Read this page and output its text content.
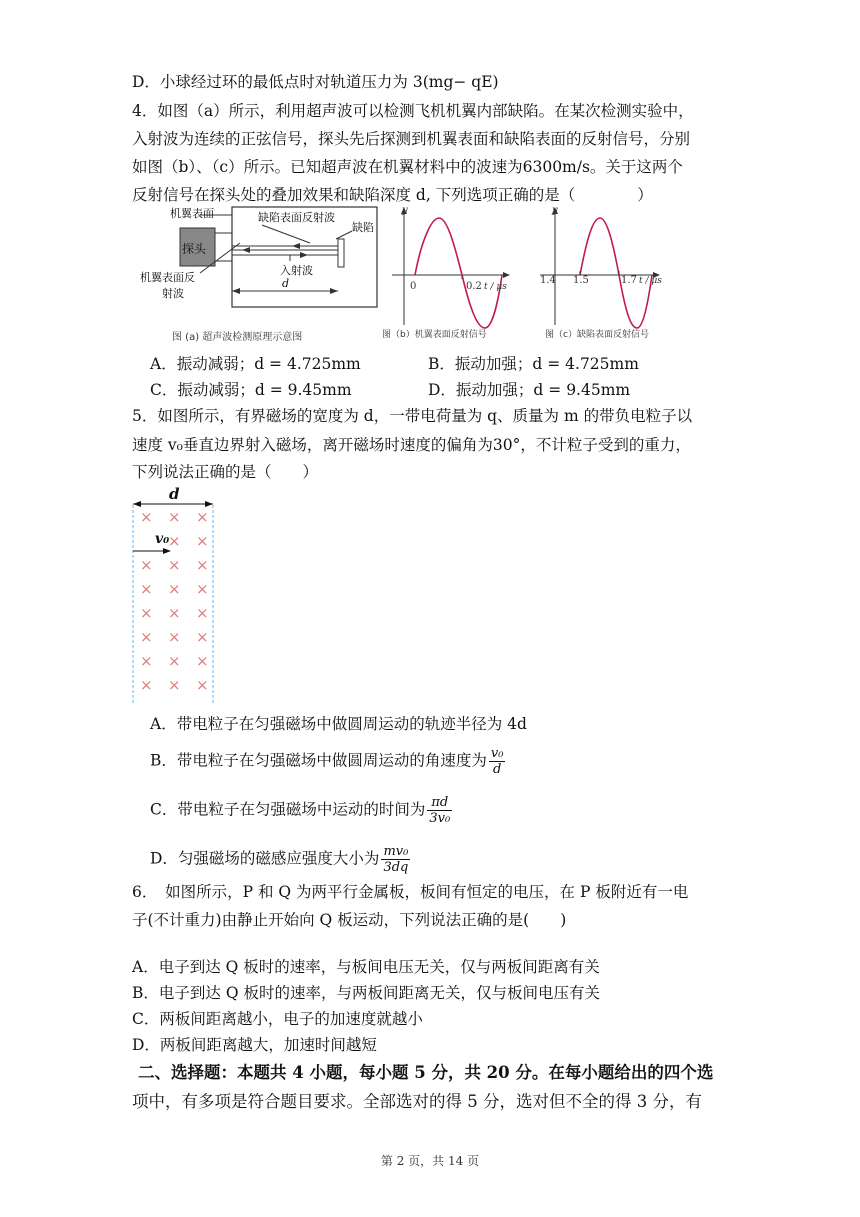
D．小球经过环的最低点时对轨道压力为 3(mg− qE)
4．如图（a）所示，利用超声波可以检测飞机机翼内部缺陷。在某次检测实验中，
入射波为连续的正弦信号，探头先后探测到机翼表面和缺陷表面的反射信号，分别
如图（b）、（c）所示。已知超声波在机翼材料中的波速为6300m/s。关于这两个
反射信号在探头处的叠加效果和缺陷深度 d, 下列选项正确的是（　　　　）
探头
机翼表面	缺陷表面反射波
缺陷
入射波
机翼表面反
射波
d
图 (a) 超声波检测原理示意图
y
0	0.2 t / μs
图（b）机翼表面反射信号
y
1.4 1.5	1.7 t / μs
图（c）缺陷表面反射信号
A．振动减弱；d = 4.725mm	B．振动加强；d = 4.725mm
C．振动减弱；d = 9.45mm	D．振动加强；d = 9.45mm
5．如图所示，有界磁场的宽度为 d，一带电荷量为 q、质量为 m 的带负电粒子以
速度 v₀垂直边界射入磁场，离开磁场时速度的偏角为30°，不计粒子受到的重力，
下列说法正确的是（　　）
d
v₀
× × ×
× ×
× × ×
× × ×
× × ×
× × ×
× × ×
× × ×
A．带电粒子在匀强磁场中做圆周运动的轨迹半径为 4d
B．带电粒子在匀强磁场中做圆周运动的角速度为 $\frac{\text{v₀}}{d}$
C．带电粒子在匀强磁场中运动的时间为 $\frac{\pi d}{\text{3v₀}}$
D．匀强磁场的磁感应强度大小为 $\frac{\text{mv₀}}{3dq}$
6．　如图所示，P 和 Q 为两平行金属板，板间有恒定的电压，在 P 板附近有一电
子(不计重力)由静止开始向 Q 板运动，下列说法正确的是(　　)
A．电子到达 Q 板时的速率，与板间电压无关，仅与两板间距离有关
B．电子到达 Q 板时的速率，与两板间距离无关，仅与板间电压有关
C．两板间距离越小，电子的加速度就越小
D．两板间距离越大，加速时间越短
二、选择题：本题共 4 小题，每小题 5 分，共 20 分。在每小题给出的四个选
项中，有多项是符合题目要求。全部选对的得 5 分，选对但不全的得 3 分，有
第 2 页，共 14 页
